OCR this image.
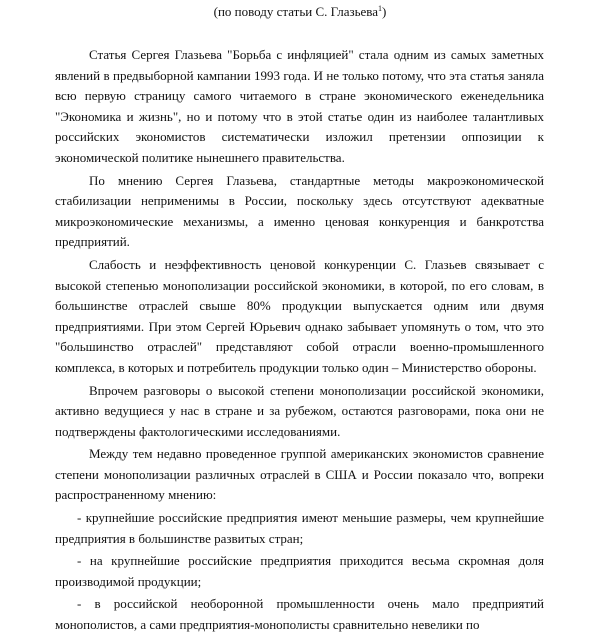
(по поводу статьи С. Глазьева$^1$)

Статья Сергея Глазьева "Борьба с инфляцией" стала одним из самых заметных явлений в предвыборной кампании 1993 года. И не только потому, что эта статья заняла всю первую страницу самого читаемого в стране экономического еженедельника "Экономика и жизнь", но и потому что в этой статье один из наиболее талантливых российских экономистов систематически изложил претензии оппозиции к экономической политике нынешнего правительства.

По мнению Сергея Глазьева, стандартные методы макроэкономической стабилизации неприменимы в России, поскольку здесь отсутствуют адекватные микроэкономические механизмы, а именно ценовая конкуренция и банкротства предприятий.

Слабость и неэффективность ценовой конкуренции С. Глазьев связывает с высокой степенью монополизации российской экономики, в которой, по его словам, в большинстве отраслей свыше 80% продукции выпускается одним или двумя предприятиями. При этом Сергей Юрьевич однако забывает упомянуть о том, что это "большинство отраслей" представляют собой отрасли военно-промышленного комплекса, в которых и потребитель продукции только один – Министерство обороны.

Впрочем разговоры о высокой степени монополизации российской экономики, активно ведущиеся у нас в стране и за рубежом, остаются разговорами, пока они не подтверждены фактологическими исследованиями.

Между тем недавно проведенное группой американских экономистов сравнение степени монополизации различных отраслей в США и России показало что, вопреки распространенному мнению:

- крупнейшие российские предприятия имеют меньшие размеры, чем крупнейшие предприятия в большинстве развитых стран;

- на крупнейшие российские предприятия приходится весьма скромная доля производимой продукции;

- в российской необоронной промышленности очень мало предприятий монополистов, а сами предприятия-монополисты сравнительно невелики по
